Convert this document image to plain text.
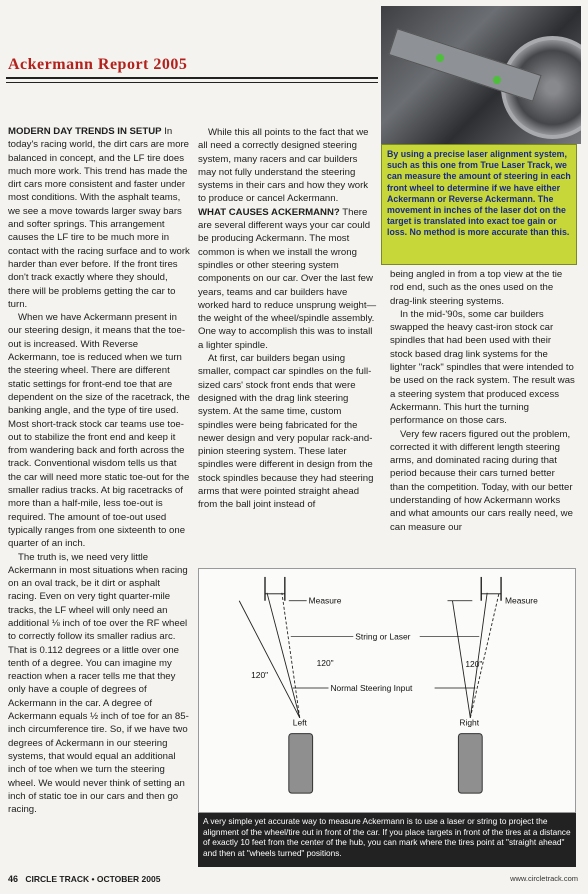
Ackermann Report 2005
By using a precise laser alignment system, such as this one from True Laser Track, we can measure the amount of steering in each front wheel to determine if we have either Ackermann or Reverse Ackermann. The movement in inches of the laser dot on the target is translated into exact toe gain or loss. No method is more accurate than this.

MODERN DAY TRENDS IN SETUP In today's racing world, the dirt cars are more balanced in concept, and the LF tire does much more work. This trend has made the dirt cars more consistent and faster under most conditions. With the asphalt teams, we see a move towards larger sway bars and softer springs. This arrangement causes the LF tire to be much more in contact with the racing surface and to work harder than ever before. If the front tires don't track exactly where they should, there will be problems getting the car to turn.

When we have Ackermann present in our steering design, it means that the toe-out is increased. With Reverse Ackermann, toe is reduced when we turn the steering wheel. There are different static settings for front-end toe that are dependent on the size of the racetrack, the banking angle, and the type of tire used. Most short-track stock car teams use toe-out to stabilize the front end and keep it from wandering back and forth across the track. Conventional wisdom tells us that the car will need more static toe-out for the smaller radius tracks. At big racetracks of more than a half-mile, less toe-out is required. The amount of toe-out used typically ranges from one sixteenth to one quarter of an inch.

The truth is, we need very little Ackermann in most situations when racing on an oval track, be it dirt or asphalt racing. Even on very tight quarter-mile tracks, the LF wheel will only need an additional ⅛ inch of toe over the RF wheel to correctly follow its smaller radius arc. That is 0.112 degrees or a little over one tenth of a degree. You can imagine my reaction when a racer tells me that they only have a couple of degrees of Ackermann in the car. A degree of Ackermann equals ½ inch of toe for an 85-inch circumference tire. So, if we have two degrees of Ackermann in our steering systems, that would equal an additional inch of toe when we turn the steering wheel. We would never think of setting an inch of static toe in our cars and then go racing.

While this all points to the fact that we all need a correctly designed steering system, many racers and car builders may not fully understand the steering systems in their cars and how they work to produce or cancel Ackermann.

WHAT CAUSES ACKERMANN? There are several different ways your car could be producing Ackermann. The most common is when we install the wrong spindles or other steering system components on our car. Over the last few years, teams and car builders have worked hard to reduce unsprung weight—the weight of the wheel/spindle assembly. One way to accomplish this was to install a lighter spindle.

At first, car builders began using smaller, compact car spindles on the full-sized cars' stock front ends that were designed with the drag link steering system. At the same time, custom spindles were being fabricated for the newer design and very popular rack-and-pinion steering system. These later spindles were different in design from the stock spindles because they had steering arms that were pointed straight ahead from the ball joint instead of

being angled in from a top view at the tie rod end, such as the ones used on the drag-link steering systems.

In the mid-'90s, some car builders swapped the heavy cast-iron stock car spindles that had been used with their stock based drag link systems for the lighter "rack" spindles that were intended to be used on the rack system. The result was a steering system that produced excess Ackermann. This hurt the turning performance on those cars.

Very few racers figured out the problem, corrected it with different length steering arms, and dominated racing during that period because their cars turned better than the competition. Today, with our better understanding of how Ackermann works and what amounts our cars really need, we can measure our

Measure	Measure
String or Laser
120"
120"	120"
Normal Steering Input
Left	Right
A very simple yet accurate way to measure Ackermann is to use a laser or string to project the alignment of the wheel/tire out in front of the car. If you place targets in front of the tires at a distance of exactly 10 feet from the center of the hub, you can mark where the tires point at "straight ahead" and then at "wheels turned" positions.
46 CIRCLE TRACK • OCTOBER 2005	www.circletrack.com
